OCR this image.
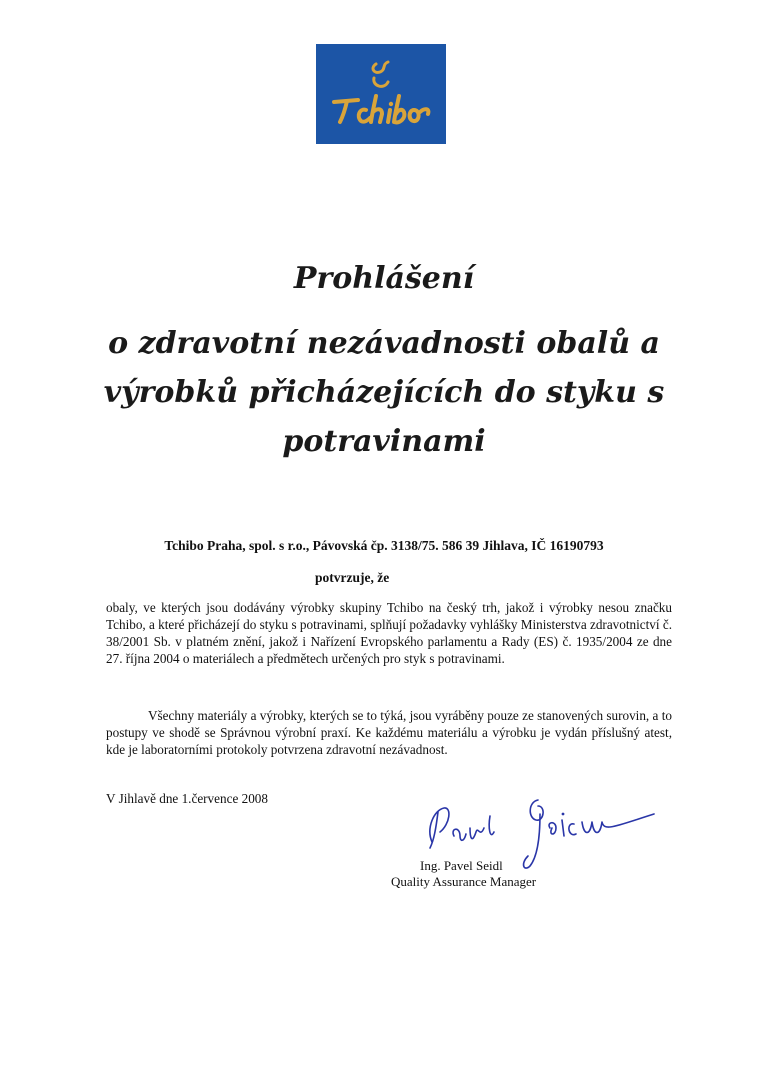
Prohlášení
o zdravotní nezávadnosti obalů a
výrobků přicházejících do styku s
potravinami
Tchibo Praha, spol. s r.o., Pávovská čp. 3138/75. 586 39 Jihlava, IČ 16190793
potvrzuje, že
obaly, ve kterých jsou dodávány výrobky skupiny Tchibo na český trh, jakož i výrobky nesou značku Tchibo, a které přicházejí do styku s potravinami, splňují požadavky vyhlášky Ministerstva zdravotnictví č. 38/2001 Sb. v platném znění, jakož i Nařízení Evropského parlamentu a Rady (ES) č. 1935/2004 ze dne 27. října 2004 o materiálech a předmětech určených pro styk s potravinami.
Všechny materiály a výrobky, kterých se to týká, jsou vyráběny pouze ze stanovených surovin, a to postupy ve shodě se Správnou výrobní praxí. Ke každému materiálu a výrobku je vydán příslušný atest, kde je laboratorními protokoly potvrzena zdravotní nezávadnost.
V Jihlavě dne 1.července 2008
Ing. Pavel Seidl
Quality Assurance Manager
